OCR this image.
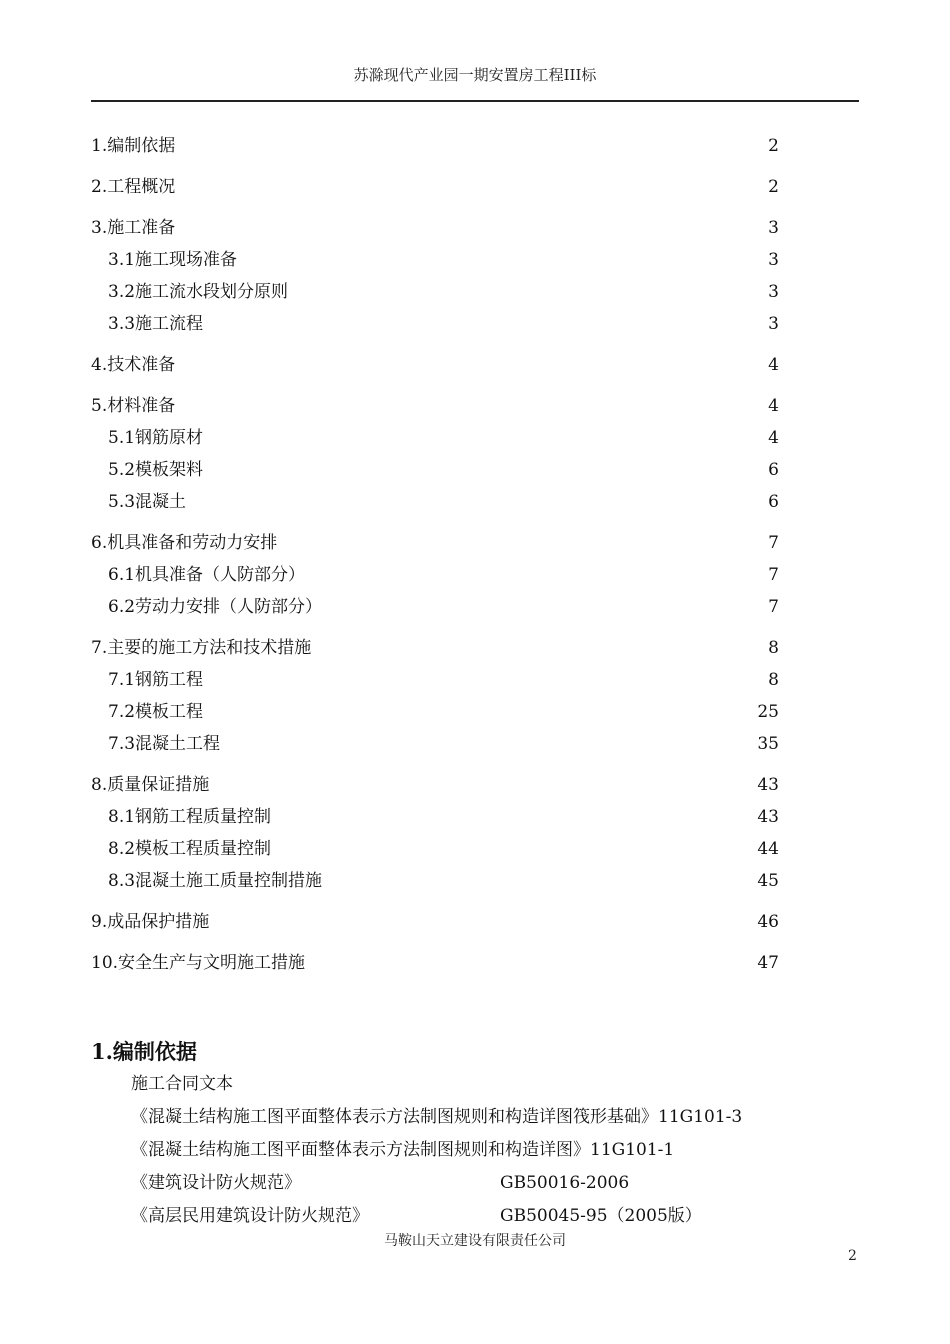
苏滁现代产业园一期安置房工程III标
1.编制依据	2
2.工程概况	2
3.施工准备	3
3.1施工现场准备	3
3.2施工流水段划分原则	3
3.3施工流程	3
4.技术准备	4
5.材料准备	4
5.1钢筋原材	4
5.2模板架料	6
5.3混凝土	6
6.机具准备和劳动力安排	7
6.1机具准备（人防部分）	7
6.2劳动力安排（人防部分）	7
7.主要的施工方法和技术措施	8
7.1钢筋工程	8
7.2模板工程	25
7.3混凝土工程	35
8.质量保证措施	43
8.1钢筋工程质量控制	43
8.2模板工程质量控制	44
8.3混凝土施工质量控制措施	45
9.成品保护措施	46
10.安全生产与文明施工措施	47
1.编制依据
施工合同文本
《混凝土结构施工图平面整体表示方法制图规则和构造详图筏形基础》11G101-3
《混凝土结构施工图平面整体表示方法制图规则和构造详图》11G101-1
《建筑设计防火规范》	GB50016-2006
《高层民用建筑设计防火规范》	GB50045-95（2005版）
马鞍山天立建设有限责任公司
2
